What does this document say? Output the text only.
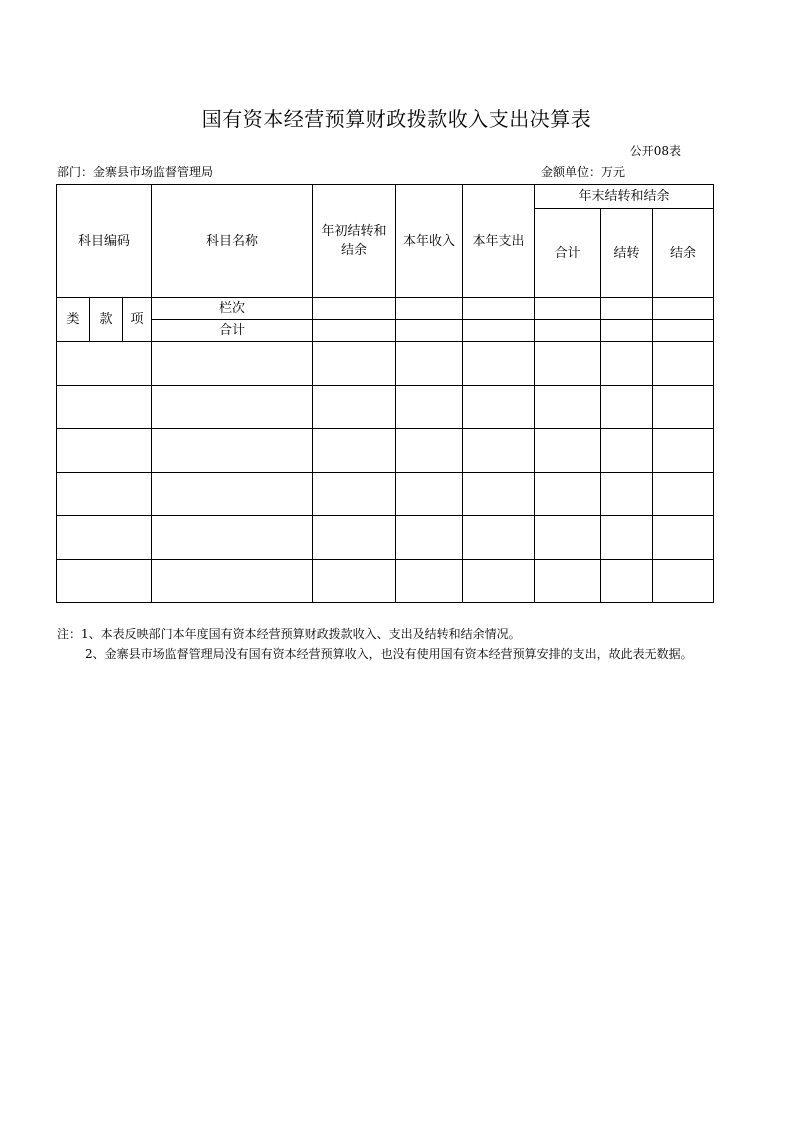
国有资本经营预算财政拨款收入支出决算表
公开08表
部门：金寨县市场监督管理局	金额单位：万元
科目编码			科目名称	年初结转和结余	本年收入	本年支出	年末结转和结余		
							合计	结转	结余
类	款	项	栏次						
			合计						

注：1、本表反映部门本年度国有资本经营预算财政拨款收入、支出及结转和结余情况。

2、金寨县市场监督管理局没有国有资本经营预算收入，也没有使用国有资本经营预算安排的支出，故此表无数据。
